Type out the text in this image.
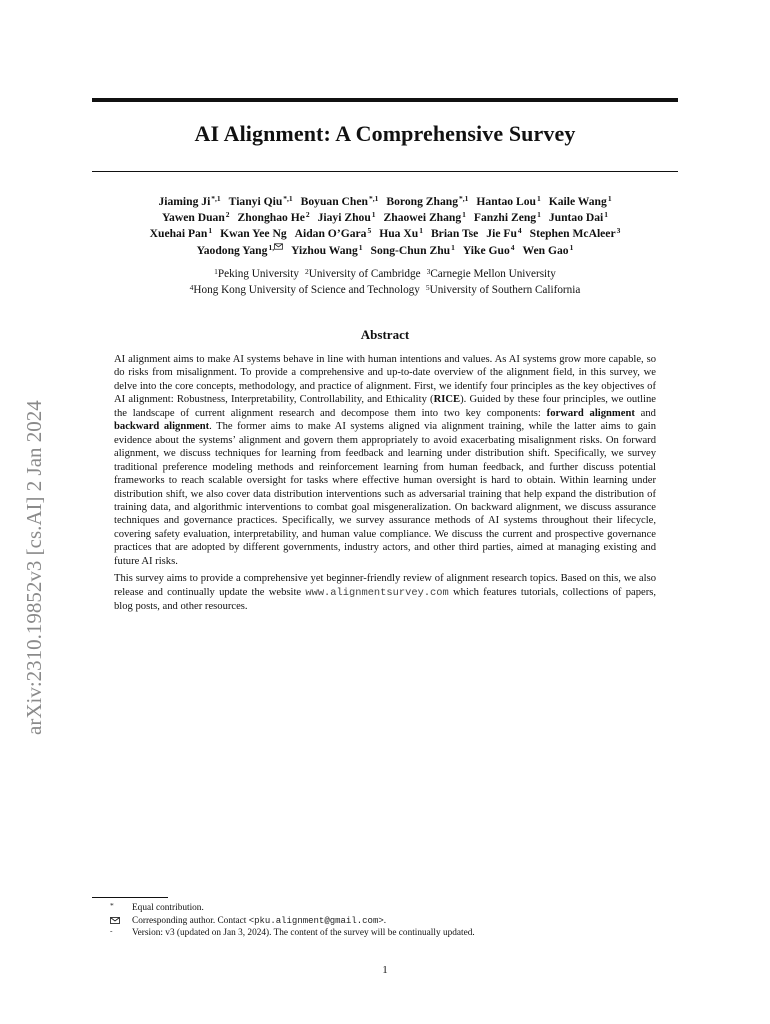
AI Alignment: A Comprehensive Survey
Jiaming $Ji^{*,1}$ Tianyi Qiu$^{*,1}$ Boyuan Chen$^{*,1}$ Borong Zhang$^{*,1}$ Hantao Lou$^1$ Kaile Wang$^1$
Yawen Duan$^2$ Zhonghao He$^2$ Jiayi Zhou$^1$ Zhaowei Zhang$^1$ Fanzhi Zeng$^1$ Juntao Dai$^1$
Xuehai Pan$^1$ Kwan Yee Ng Aidan O’Gara$^5$ Hua Xu$^1$ Brian Tse Jie Fu$^4$ Stephen McAleer$^3$
Yaodong Yang$^{1,}$ Yizhou Wang$^1$ Song-Chun Zhu$^1$ Yike Guo$^4$ Wen Gao$^1$
$^1$Peking University $^2$University of Cambridge $^3$Carnegie Mellon University
$^4$Hong Kong University of Science and Technology $^5$University of Southern California
arXiv:2310.19852v3 [cs.AI] 2 Jan 2024
Abstract

AI alignment aims to make AI systems behave in line with human intentions and values. As AI systems grow more capable, so do risks from misalignment. To provide a comprehensive and up-to-date overview of the alignment field, in this survey, we delve into the core concepts, methodology, and practice of alignment. First, we identify four principles as the key objectives of AI alignment: Robustness, Interpretability, Controllability, and Ethicality (RICE). Guided by these four principles, we outline the landscape of current alignment research and decompose them into two key components: forward alignment and backward alignment. The former aims to make AI systems aligned via alignment training, while the latter aims to gain evidence about the systems’ alignment and govern them appropriately to avoid exacerbating misalignment risks. On forward alignment, we discuss techniques for learning from feedback and learning under distribution shift. Specifically, we survey traditional preference modeling methods and reinforcement learning from human feedback, and further discuss potential frameworks to reach scalable oversight for tasks where effective human oversight is hard to obtain. Within learning under distribution shift, we also cover data distribution interventions such as adversarial training that help expand the distribution of training data, and algorithmic interventions to combat goal misgeneralization. On backward alignment, we discuss assurance techniques and governance practices. Specifically, we survey assurance methods of AI systems throughout their lifecycle, covering safety evaluation, interpretability, and human value compliance. We discuss the current and prospective governance practices that are adopted by different governments, industry actors, and other third parties, aimed at managing existing and future AI risks.

This survey aims to provide a comprehensive yet beginner-friendly review of alignment research topics. Based on this, we also release and continually update the website www.alignmentsurvey.com which features tutorials, collections of papers, blog posts, and other resources.

* Equal contribution.
Corresponding author. Contact <pku.alignment@gmail.com>.
- Version: v3 (updated on Jan 3, 2024). The content of the survey will be continually updated.
1
